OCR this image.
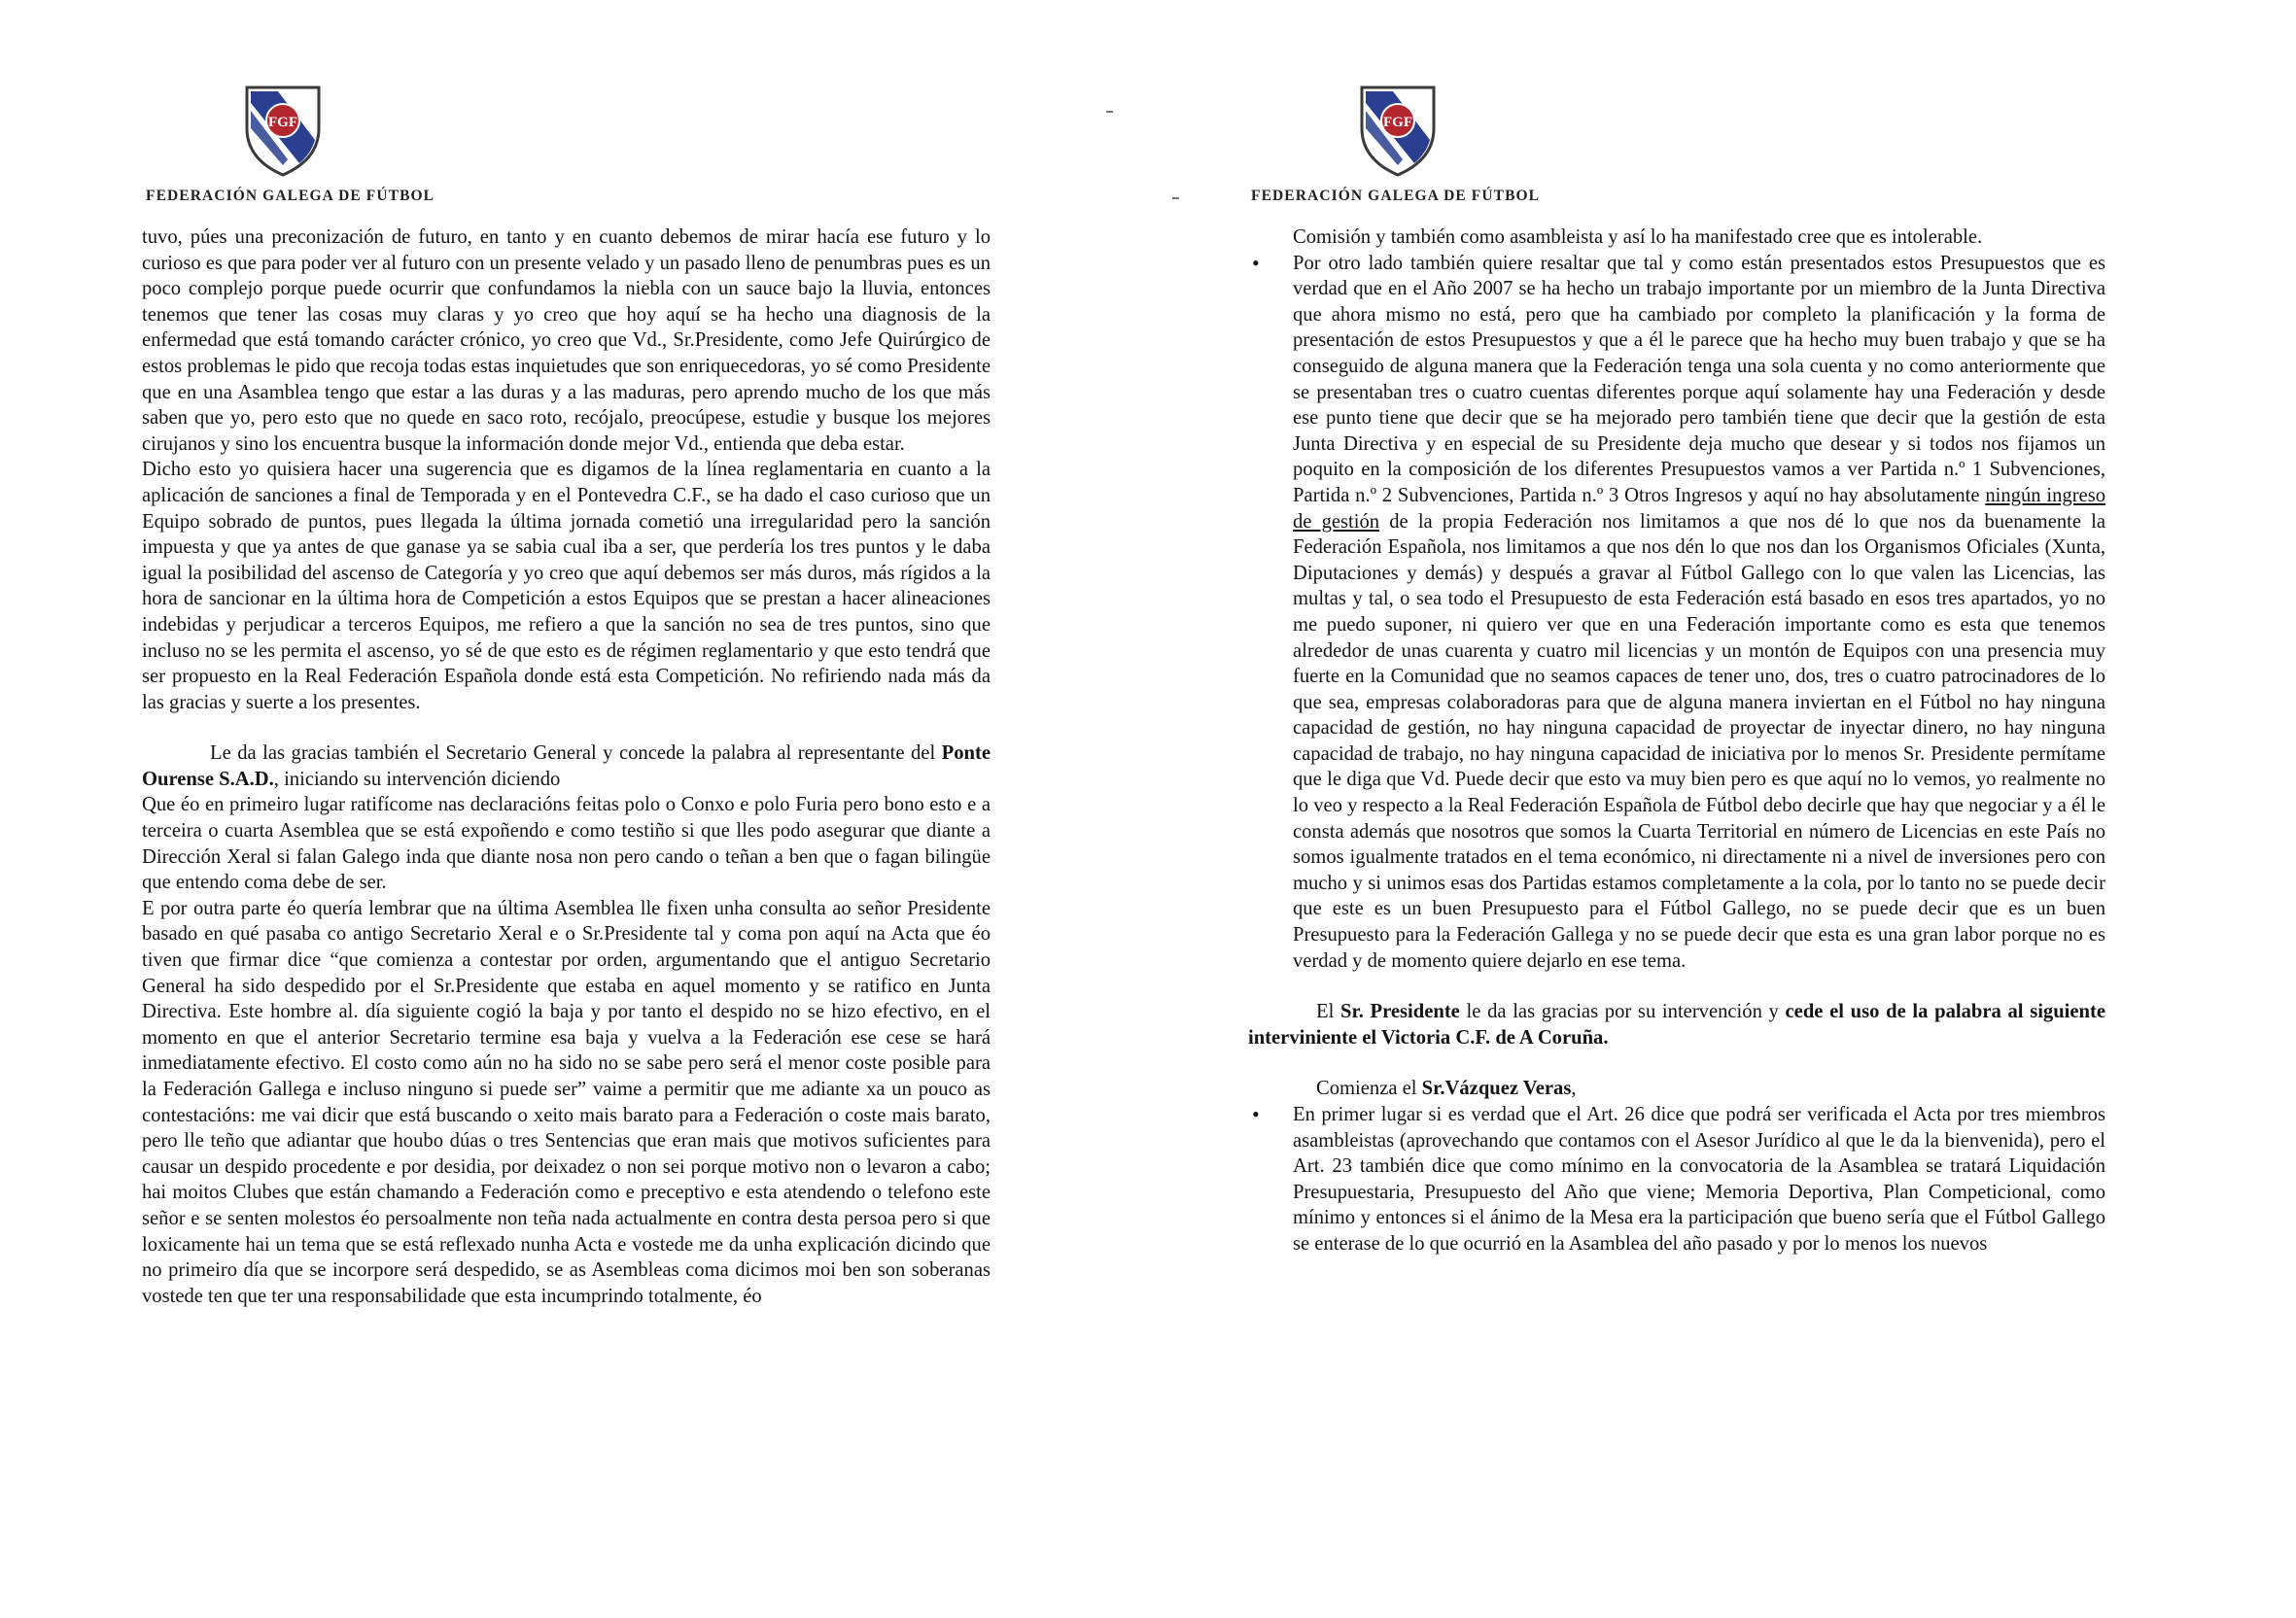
FGF
FEDERACIÓN GALEGA DE FÚTBOL

tuvo, púes una preconización de futuro, en tanto y en cuanto debemos de mirar hacía ese futuro y lo curioso es que para poder ver al futuro con un presente velado y un pasado lleno de penumbras pues es un poco complejo porque puede ocurrir que confundamos la niebla con un sauce bajo la lluvia, entonces tenemos que tener las cosas muy claras y yo creo que hoy aquí se ha hecho una diagnosis de la enfermedad que está tomando carácter crónico, yo creo que Vd., Sr.Presidente, como Jefe Quirúrgico de estos problemas le pido que recoja todas estas inquietudes que son enriquecedoras, yo sé como Presidente que en una Asamblea tengo que estar a las duras y a las maduras, pero aprendo mucho de los que más saben que yo, pero esto que no quede en saco roto, recójalo, preocúpese, estudie y busque los mejores cirujanos y sino los encuentra busque la información donde mejor Vd., entienda que deba estar.

Dicho esto yo quisiera hacer una sugerencia que es digamos de la línea reglamentaria en cuanto a la aplicación de sanciones a final de Temporada y en el Pontevedra C.F., se ha dado el caso curioso que un Equipo sobrado de puntos, pues llegada la última jornada cometió una irregularidad pero la sanción impuesta y que ya antes de que ganase ya se sabia cual iba a ser, que perdería los tres puntos y le daba igual la posibilidad del ascenso de Categoría y yo creo que aquí debemos ser más duros, más rígidos a la hora de sancionar en la última hora de Competición a estos Equipos que se prestan a hacer alineaciones indebidas y perjudicar a terceros Equipos, me refiero a que la sanción no sea de tres puntos, sino que incluso no se les permita el ascenso, yo sé de que esto es de régimen reglamentario y que esto tendrá que ser propuesto en la Real Federación Española donde está esta Competición. No refiriendo nada más da las gracias y suerte a los presentes.

Le da las gracias también el Secretario General y concede la palabra al representante del Ponte Ourense S.A.D., iniciando su intervención diciendo

Que éo en primeiro lugar ratifícome nas declaracións feitas polo o Conxo e polo Furia pero bono esto e a terceira o cuarta Asemblea que se está expoñendo e como testiño si que lles podo asegurar que diante a Dirección Xeral si falan Galego inda que diante nosa non pero cando o teñan a ben que o fagan bilingüe que entendo coma debe de ser.

E por outra parte éo quería lembrar que na última Asemblea lle fixen unha consulta ao señor Presidente basado en qué pasaba co antigo Secretario Xeral e o Sr.Presidente tal y coma pon aquí na Acta que éo tiven que firmar dice “que comienza a contestar por orden, argumentando que el antiguo Secretario General ha sido despedido por el Sr.Presidente que estaba en aquel momento y se ratifico en Junta Directiva. Este hombre al. día siguiente cogió la baja y por tanto el despido no se hizo efectivo, en el momento en que el anterior Secretario termine esa baja y vuelva a la Federación ese cese se hará inmediatamente efectivo. El costo como aún no ha sido no se sabe pero será el menor coste posible para la Federación Gallega e incluso ninguno si puede ser” vaime a permitir que me adiante xa un pouco as contestacións: me vai dicir que está buscando o xeito mais barato para a Federación o coste mais barato, pero lle teño que adiantar que houbo dúas o tres Sentencias que eran mais que motivos suficientes para causar un despido procedente e por desidia, por deixadez o non sei porque motivo non o levaron a cabo; hai moitos Clubes que están chamando a Federación como e preceptivo e esta atendendo o telefono este señor e se senten molestos éo persoalmente non teña nada actualmente en contra desta persoa pero si que loxicamente hai un tema que se está reflexado nunha Acta e vostede me da unha explicación dicindo que no primeiro día que se incorpore será despedido, se as Asembleas coma dicimos moi ben son soberanas vostede ten que ter una responsabilidade que esta incumprindo totalmente, éo

FGF
FEDERACIÓN GALEGA DE FÚTBOL

Comisión y también como asambleista y así lo ha manifestado cree que es intolerable.

• Por otro lado también quiere resaltar que tal y como están presentados estos Presupuestos que es verdad que en el Año 2007 se ha hecho un trabajo importante por un miembro de la Junta Directiva que ahora mismo no está, pero que ha cambiado por completo la planificación y la forma de presentación de estos Presupuestos y que a él le parece que ha hecho muy buen trabajo y que se ha conseguido de alguna manera que la Federación tenga una sola cuenta y no como anteriormente que se presentaban tres o cuatro cuentas diferentes porque aquí solamente hay una Federación y desde ese punto tiene que decir que se ha mejorado pero también tiene que decir que la gestión de esta Junta Directiva y en especial de su Presidente deja mucho que desear y si todos nos fijamos un poquito en la composición de los diferentes Presupuestos vamos a ver Partida n.º 1 Subvenciones, Partida n.º 2 Subvenciones, Partida n.º 3 Otros Ingresos y aquí no hay absolutamente ningún ingreso de gestión de la propia Federación nos limitamos a que nos dé lo que nos da buenamente la Federación Española, nos limitamos a que nos dén lo que nos dan los Organismos Oficiales (Xunta, Diputaciones y demás) y después a gravar al Fútbol Gallego con lo que valen las Licencias, las multas y tal, o sea todo el Presupuesto de esta Federación está basado en esos tres apartados, yo no me puedo suponer, ni quiero ver que en una Federación importante como es esta que tenemos alrededor de unas cuarenta y cuatro mil licencias y un montón de Equipos con una presencia muy fuerte en la Comunidad que no seamos capaces de tener uno, dos, tres o cuatro patrocinadores de lo que sea, empresas colaboradoras para que de alguna manera inviertan en el Fútbol no hay ninguna capacidad de gestión, no hay ninguna capacidad de proyectar de inyectar dinero, no hay ninguna capacidad de trabajo, no hay ninguna capacidad de iniciativa por lo menos Sr. Presidente permítame que le diga que Vd. Puede decir que esto va muy bien pero es que aquí no lo vemos, yo realmente no lo veo y respecto a la Real Federación Española de Fútbol debo decirle que hay que negociar y a él le consta además que nosotros que somos la Cuarta Territorial en número de Licencias en este País no somos igualmente tratados en el tema económico, ni directamente ni a nivel de inversiones pero con mucho y si unimos esas dos Partidas estamos completamente a la cola, por lo tanto no se puede decir que este es un buen Presupuesto para el Fútbol Gallego, no se puede decir que es un buen Presupuesto para la Federación Gallega y no se puede decir que esta es una gran labor porque no es verdad y de momento quiere dejarlo en ese tema.

El Sr. Presidente le da las gracias por su intervención y cede el uso de la palabra al siguiente interviniente el Victoria C.F. de A Coruña.

Comienza el Sr.Vázquez Veras,

• En primer lugar si es verdad que el Art. 26 dice que podrá ser verificada el Acta por tres miembros asambleistas (aprovechando que contamos con el Asesor Jurídico al que le da la bienvenida), pero el Art. 23 también dice que como mínimo en la convocatoria de la Asamblea se tratará Liquidación Presupuestaria, Presupuesto del Año que viene; Memoria Deportiva, Plan Competicional, como mínimo y entonces si el ánimo de la Mesa era la participación que bueno sería que el Fútbol Gallego se enterase de lo que ocurrió en la Asamblea del año pasado y por lo menos los nuevos
